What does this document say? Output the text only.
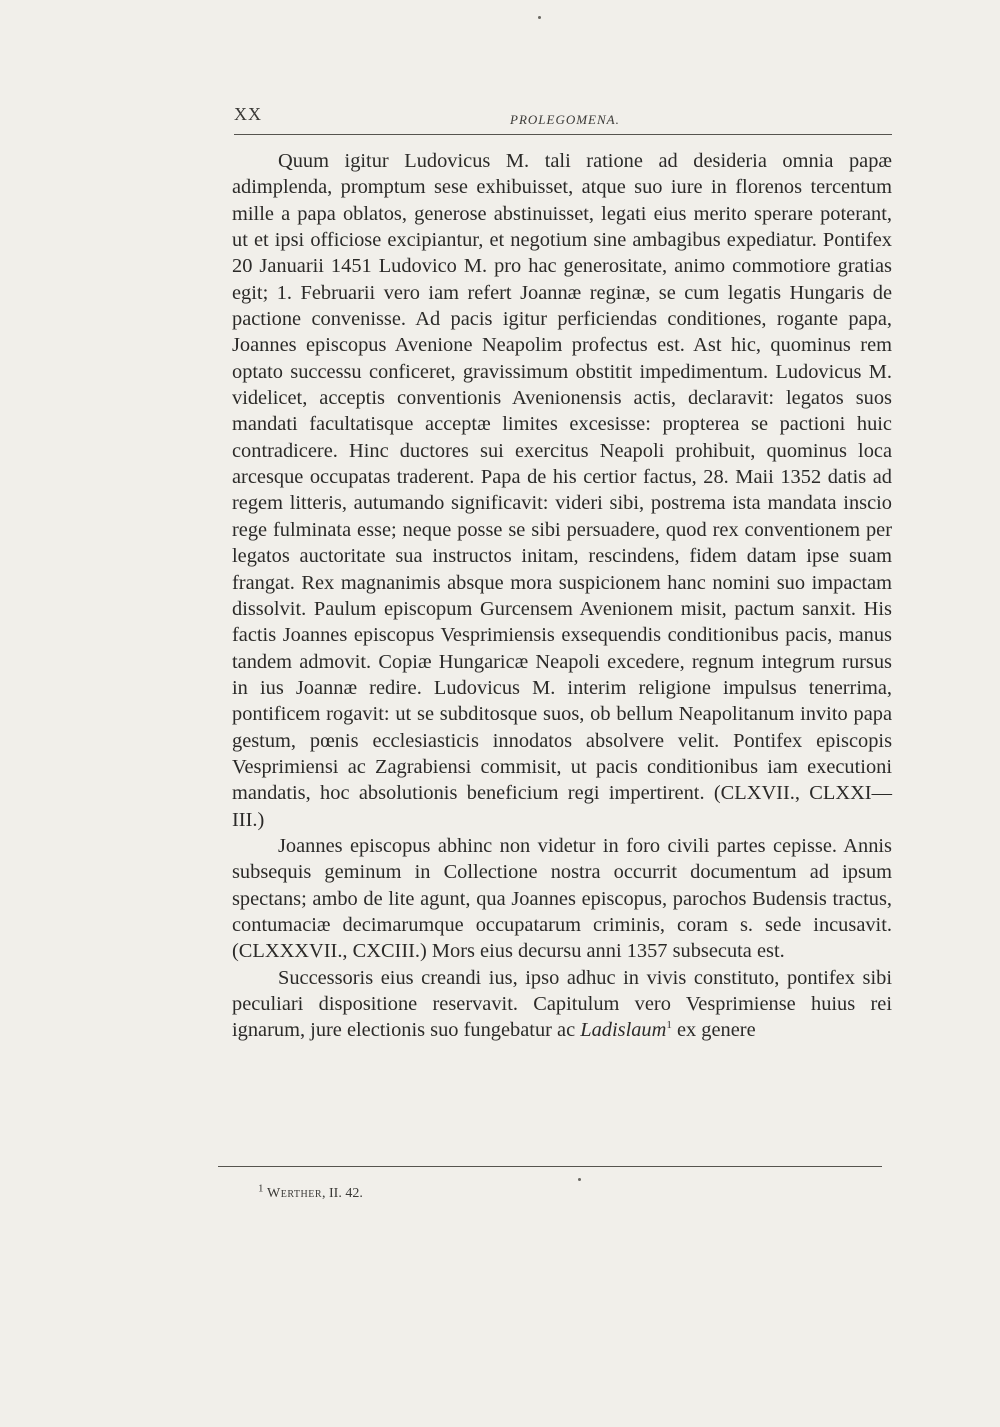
XX	PROLEGOMENA.

Quum igitur Ludovicus M. tali ratione ad desideria omnia papæ adimplenda, promptum sese exhibuisset, atque suo iure in florenos tercentum mille a papa oblatos, generose abstinuisset, legati eius merito sperare poterant, ut et ipsi officiose excipiantur, et negotium sine ambagibus expediatur. Pontifex 20 Januarii 1451 Ludovico M. pro hac generositate, animo commotiore gratias egit; 1. Februarii vero iam refert Joannæ reginæ, se cum legatis Hungaris de pactione convenisse. Ad pacis igitur perficiendas conditiones, rogante papa, Joannes episcopus Avenione Neapolim profectus est. Ast hic, quominus rem optato successu conficeret, gravissimum obstitit impedimentum. Ludovicus M. videlicet, acceptis conventionis Avenionensis actis, declaravit: legatos suos mandati facultatisque acceptæ limites excesisse: propterea se pactioni huic contradicere. Hinc ductores sui exercitus Neapoli prohibuit, quominus loca arcesque occupatas traderent. Papa de his certior factus, 28. Maii 1352 datis ad regem litteris, autumando significavit: videri sibi, postrema ista mandata inscio rege fulminata esse; neque posse se sibi persuadere, quod rex conventionem per legatos auctoritate sua instructos initam, rescindens, fidem datam ipse suam frangat. Rex magnanimis absque mora suspicionem hanc nomini suo impactam dissolvit. Paulum episcopum Gurcensem Avenionem misit, pactum sanxit. His factis Joannes episcopus Vesprimiensis exsequendis conditionibus pacis, manus tandem admovit. Copiæ Hungaricæ Neapoli excedere, regnum integrum rursus in ius Joannæ redire. Ludovicus M. interim religione impulsus tenerrima, pontificem rogavit: ut se subditosque suos, ob bellum Neapolitanum invito papa gestum, pœnis ecclesiasticis innodatos absolvere velit. Pontifex episcopis Vesprimiensi ac Zagrabiensi commisit, ut pacis conditionibus iam executioni mandatis, hoc absolutionis beneficium regi impertirent. (CLXVII., CLXXI—III.)

Joannes episcopus abhinc non videtur in foro civili partes cepisse. Annis subsequis geminum in Collectione nostra occurrit documentum ad ipsum spectans; ambo de lite agunt, qua Joannes episcopus, parochos Budensis tractus, contumaciæ decimarumque occupatarum criminis, coram s. sede incusavit. (CLXXXVII., CXCIII.) Mors eius decursu anni 1357 subsecuta est.

Successoris eius creandi ius, ipso adhuc in vivis constituto, pontifex sibi peculiari dispositione reservavit. Capitulum vero Vesprimiense huius rei ignarum, jure electionis suo fungebatur ac Ladislaum$^1$ ex genere

$^1$ Werther, II. 42.
